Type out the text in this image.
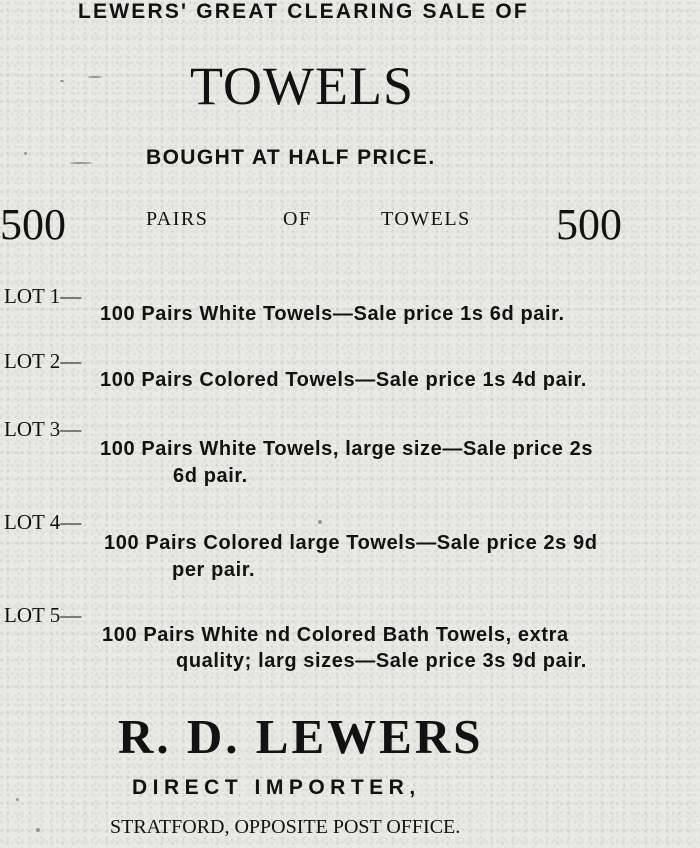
LEWERS' GREAT CLEARING SALE OF
TOWELS
BOUGHT AT HALF PRICE.
500	PAIRS	OF	TOWELS 500
LOT 1—
100 Pairs White Towels—Sale price 1s 6d pair.
LOT 2—
100 Pairs Colored Towels—Sale price 1s 4d pair.
LOT 3—
100 Pairs White Towels, large size—Sale price 2s
6d pair.
LOT 4—
100 Pairs Colored large Towels—Sale price 2s 9d
per pair.
LOT 5—
100 Pairs White nd Colored Bath Towels, extra
quality; larg sizes—Sale price 3s 9d pair.
R. D. LEWERS
DIRECT IMPORTER,
STRATFORD, OPPOSITE POST OFFICE.
